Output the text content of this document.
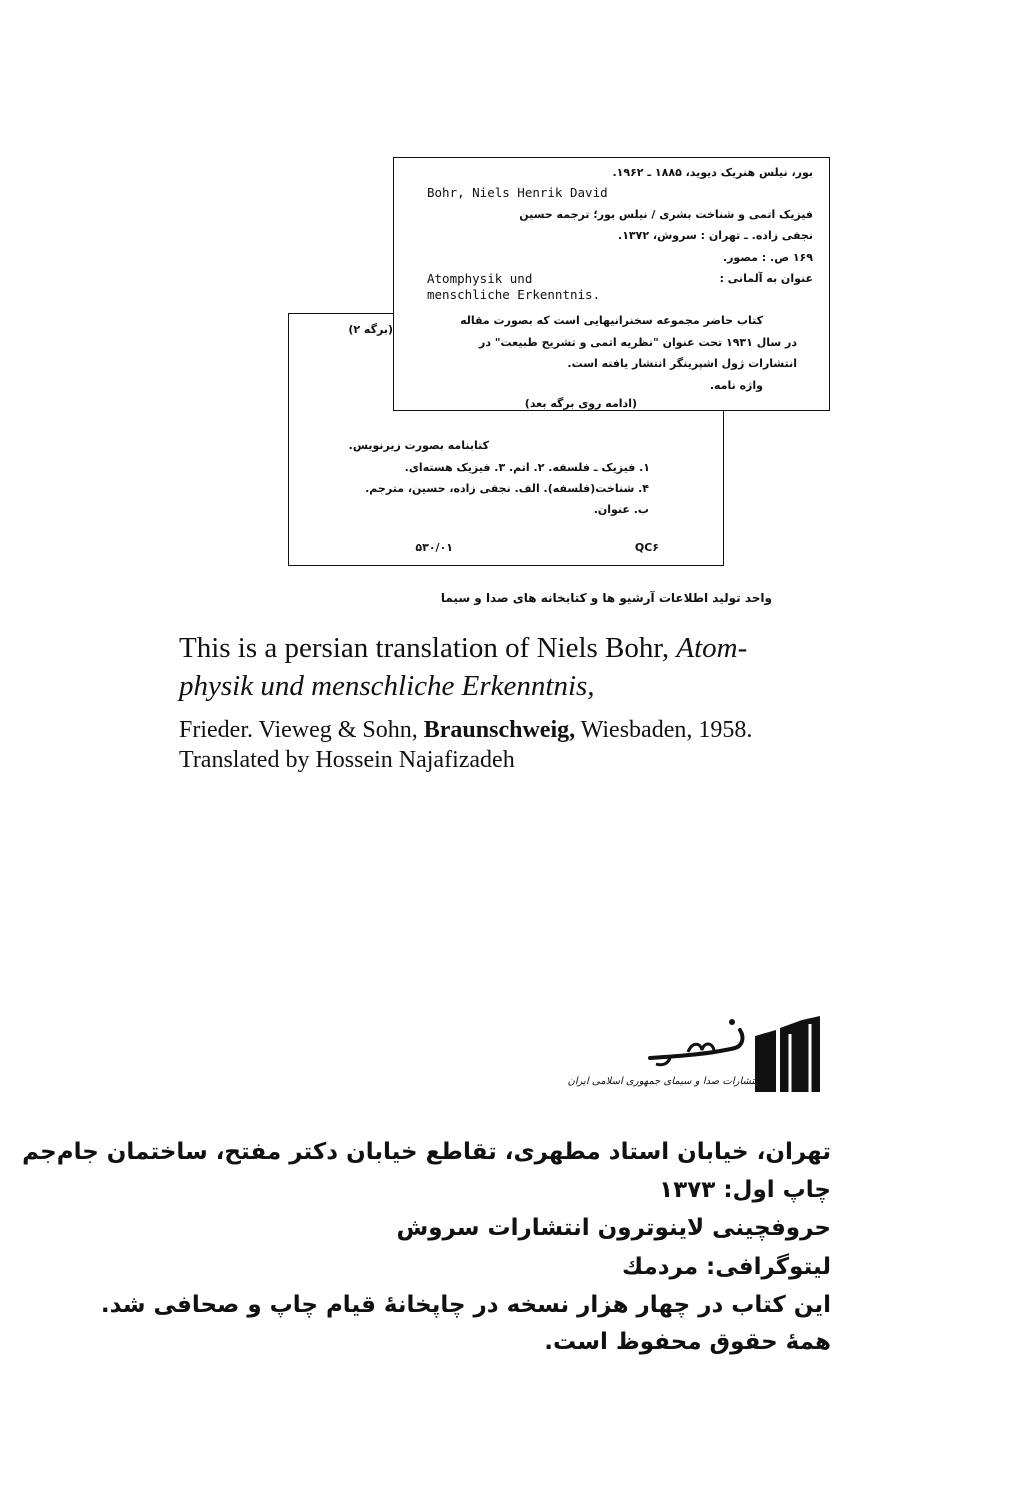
(برگه ۲)
کتابنامه بصورت زیرنویس.
۱. فیزیک ـ فلسفه. ۲. اتم. ۳. فیزیک هسته‌ای.
۴. شناخت(فلسفه). الف. نجفی زاده، حسین، مترجم.
ب. عنوان.
۵۳۰/۰۱	QC۶
بور، نیلس هنریک دیوید، ۱۸۸۵ ـ ۱۹۶۲.
Bohr, Niels Henrik David
فیزیک اتمی و شناخت بشری / نیلس بور؛ ترجمه حسین
نجفی زاده. ـ تهران : سروش، ۱۳۷۲.
۱۶۹ ص. : مصور.
عنوان به آلمانی :
Atomphysik und
menschliche Erkenntnis.
کتاب حاضر مجموعه سخنرانیهایی است که بصورت مقاله
در سال ۱۹۳۱ تحت عنوان "نظریه اتمی و تشریح طبیعت" در
انتشارات ژول اشپرینگر انتشار یافته است.
واژه نامه.
(ادامه روی برگه بعد)
واحد تولید اطلاعات آرشیو ها و کتابخانه های صدا و سیما
This is a persian translation of Niels Bohr, Atom-
physik und menschliche Erkenntnis,
Frieder. Vieweg & Sohn, Braunschweig, Wiesbaden, 1958.
Translated by Hossein Najafizadeh
انتشارات صدا و سیمای جمهوری اسلامی ایران
تهران، خیابان استاد مطهری، تقاطع خیابان دکتر مفتح، ساختمان جام‌جم
چاپ اول: ۱۳۷۳
حروفچینی لاینوترون انتشارات سروش
لیتوگرافی: مردمك
این کتاب در چهار هزار نسخه در چاپخانهٔ قیام چاپ و صحافی شد.
همهٔ حقوق محفوظ است.
